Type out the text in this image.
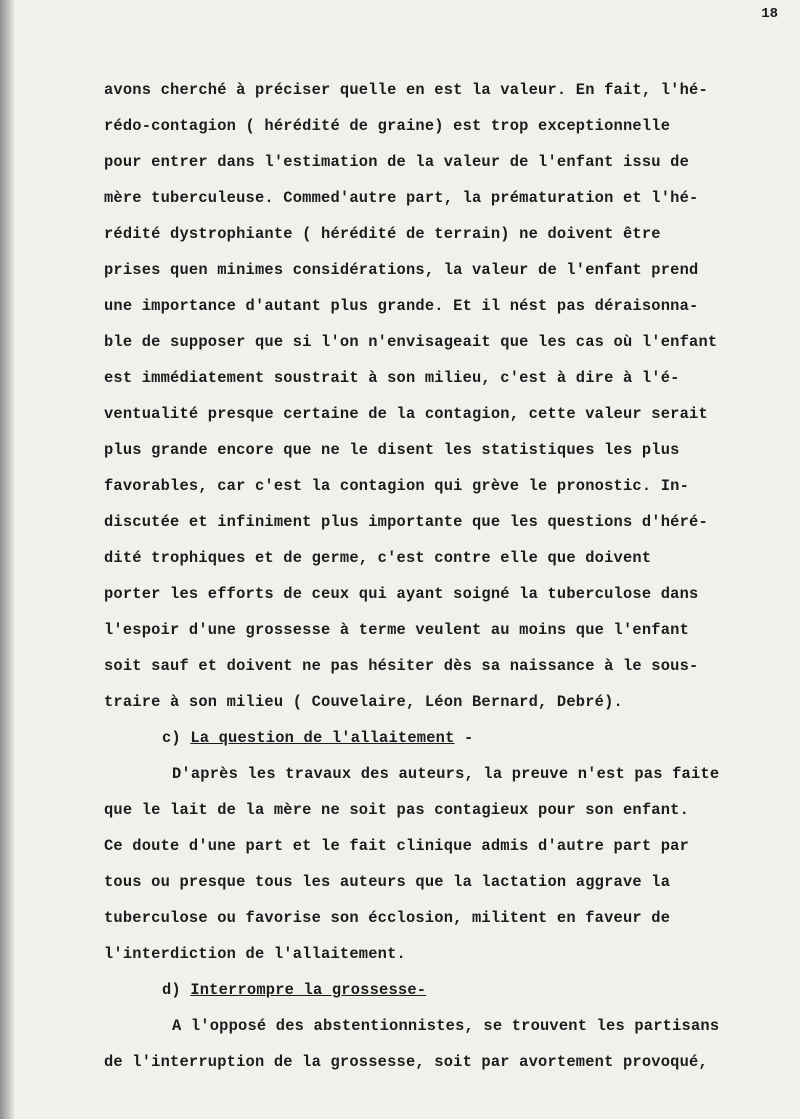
18
avons cherché à préciser quelle en est la valeur. En fait, l'hé-
rédo-contagion ( hérédité de graine) est trop exceptionnelle
pour entrer dans l'estimation de la valeur de l'enfant issu de
mère tuberculeuse. Commed'autre part, la prématuration et l'hé-
rédité dystrophiante ( hérédité de terrain) ne doivent être
prises quen minimes considérations, la valeur de l'enfant prend
une importance d'autant plus grande. Et il nést pas déraisonna-
ble de supposer que si l'on n'envisageait que les cas où l'enfant
est immédiatement soustrait à son milieu, c'est à dire à l'é-
ventualité presque certaine de la contagion, cette valeur serait
plus grande encore que ne le disent les statistiques les plus
favorables, car c'est la contagion qui grève le pronostic. In-
discutée et infiniment plus importante que les questions d'héré-
dité trophiques et de germe, c'est contre elle que doivent
porter les efforts de ceux qui ayant soigné la tuberculose dans
l'espoir d'une grossesse à terme veulent au moins que l'enfant
soit sauf et doivent ne pas hésiter dès sa naissance à le sous-
traire à son milieu ( Couvelaire, Léon Bernard, Debré).
c) La question de l'allaitement -
D'après les travaux des auteurs, la preuve n'est pas faite
que le lait de la mère ne soit pas contagieux pour son enfant.
Ce doute d'une part et le fait clinique admis d'autre part par
tous ou presque tous les auteurs que la lactation aggrave la
tuberculose ou favorise son écclosion, militent en faveur de
l'interdiction de l'allaitement.
d) Interrompre la grossesse-
A l'opposé des abstentionnistes, se trouvent les partisans
de l'interruption de la grossesse, soit par avortement provoqué,
